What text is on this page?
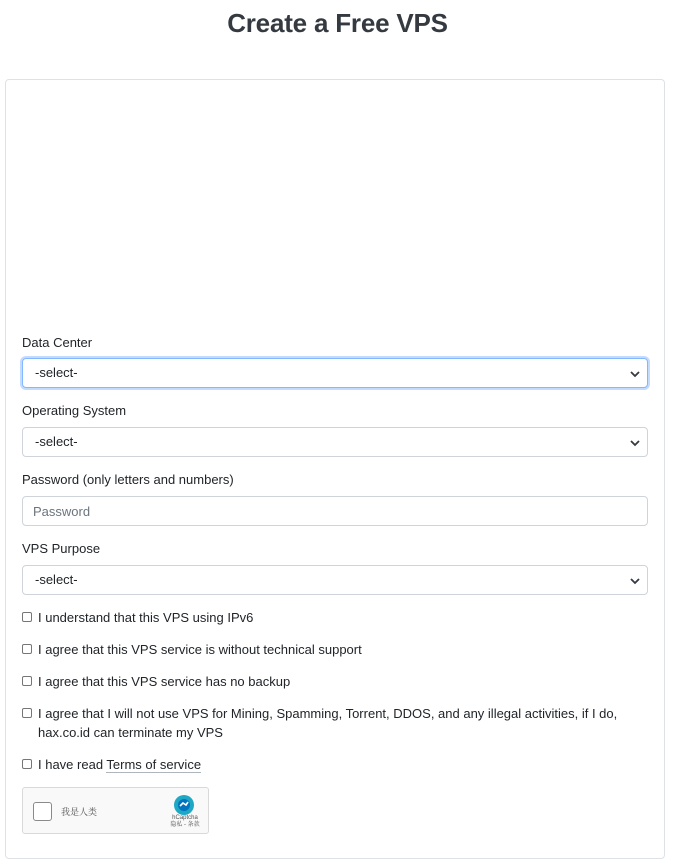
Create a Free VPS
Data Center
-select-
Operating System
-select-
Password (only letters and numbers)
Password
VPS Purpose
-select-
I understand that this VPS using IPv6
I agree that this VPS service is without technical support
I agree that this VPS service has no backup
I agree that I will not use VPS for Mining, Spamming, Torrent, DDOS, and any illegal activities, if I do, hax.co.id can terminate my VPS
I have read Terms of service
我是人类
hCaptcha
隐私 - 条款
